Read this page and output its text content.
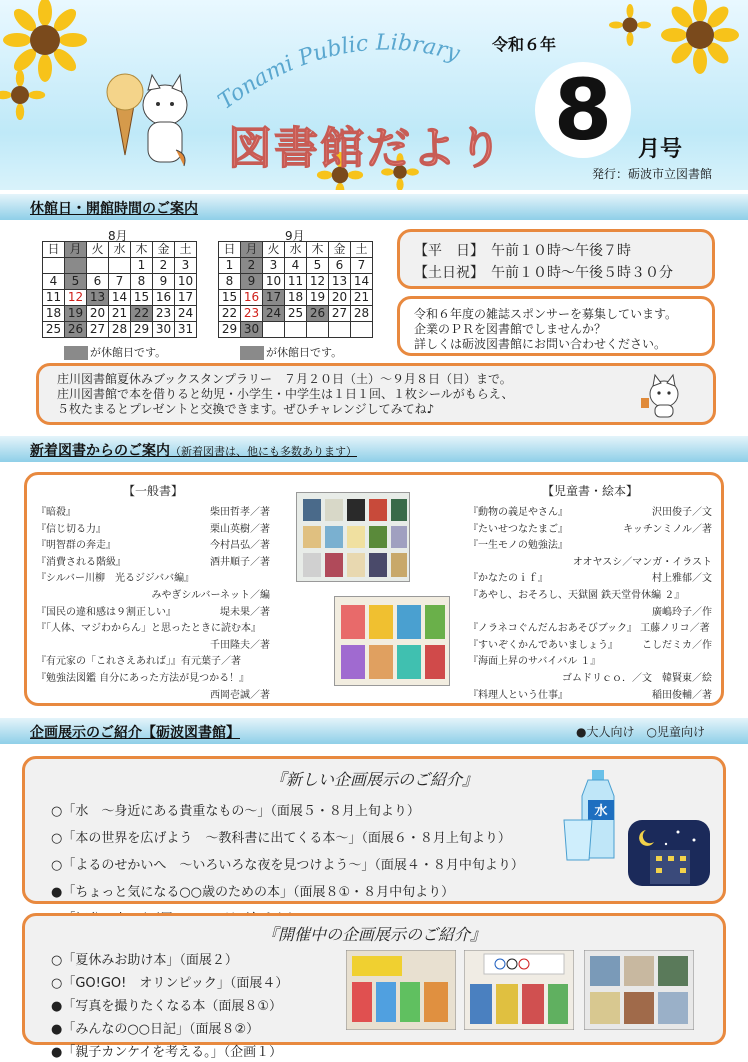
Tonami Public Library
図書館だより
令和６年
8	月号
発行：砺波市立図書館
休館日・開館時間のご案内
8月
日	月	火	水	木	金	土
				1	2	3
4	5	6	7	8	9	10
11	12	13	14	15	16	17
18	19	20	21	22	23	24
25	26	27	28	29	30	31
が休館日です。
9月
日	月	火	水	木	金	土
1	2	3	4	5	6	7
8	9	10	11	12	13	14
15	16	17	18	19	20	21
22	23	24	25	26	27	28
29	30					
が休館日です。
【平　日】　 午前１０時～午後７時
【土日祝】　 午前１０時～午後５時３０分
令和６年度の雑誌スポンサーを募集しています。
企業のＰＲを図書館でしませんか？
詳しくは砺波図書館にお問い合わせください。
庄川図書館夏休みブックスタンプラリー　７月２０日（土）～９月８日（日）まで。
庄川図書館で本を借りると幼児・小学生・中学生は１日１回、１枚シールがもらえ、
５枚たまるとプレゼントと交換できます。ぜひチャレンジしてみてね♪
新着図書からのご案内（新着図書は、他にも多数あります）
【一般書】
『暗殺』	柴田哲孝／著
『信じ切る力』	栗山英樹／著
『明智群の奔走』	今村昌弘／著
『消費される階級』	酒井順子／著
『シルバー川柳　光るジジババ編』
みやぎシルバーネット／編
『国民の違和感は９割正しい』	堤未果／著
『「人体、マジわからん」と思ったときに読む本』
千田隆夫／著
『有元家の「これさえあれば」』有元葉子／著
『勉強法図鑑 自分にあった方法が見つかる！』
西岡壱誠／著
【児童書・絵本】
『動物の義足やさん』	沢田俊子／文
『たいせつなたまご』	キッチンミノル／著
『一生モノの勉強法』
オオヤスシ／マンガ・イラスト
『かなたのｉｆ』	村上雅郁／文
『あやし、おそろし、天獄園 鉄天堂骨休編 ２』
廣嶋玲子／作
『ノラネコぐんだんおあそびブック』 工藤ノリコ／著
『すいぞくかんであいましょう』 こしだミカ／作
『海面上昇のサバイバル １』
ゴムドリｃｏ．／文　韓賢東／絵
『料理人という仕事』	稲田俊輔／著
企画展示のご紹介【砺波図書館】	●大人向け　○児童向け
『新しい企画展示のご紹介』
○「水　～身近にある貴重なもの～」（面展５・８月上旬より）
○「本の世界を広げよう　～教科書に出てくる本～」（面展６・８月上旬より）
○「よるのせかいへ　～いろいろな夜を見つけよう～」（面展４・８月中旬より）
●「ちょっと気になる○○歳のための本」（面展８①・８月中旬より）
水
『開催中の企画展示のご紹介』
○「夏休みお助け本」（面展２）
○「GO!GO!　オリンピック」（面展４）
●「写真を撮りたくなる本（面展８①）
●「みんなの○○日記」（面展８②）
●「親子カンケイを考える。」（企画１）
